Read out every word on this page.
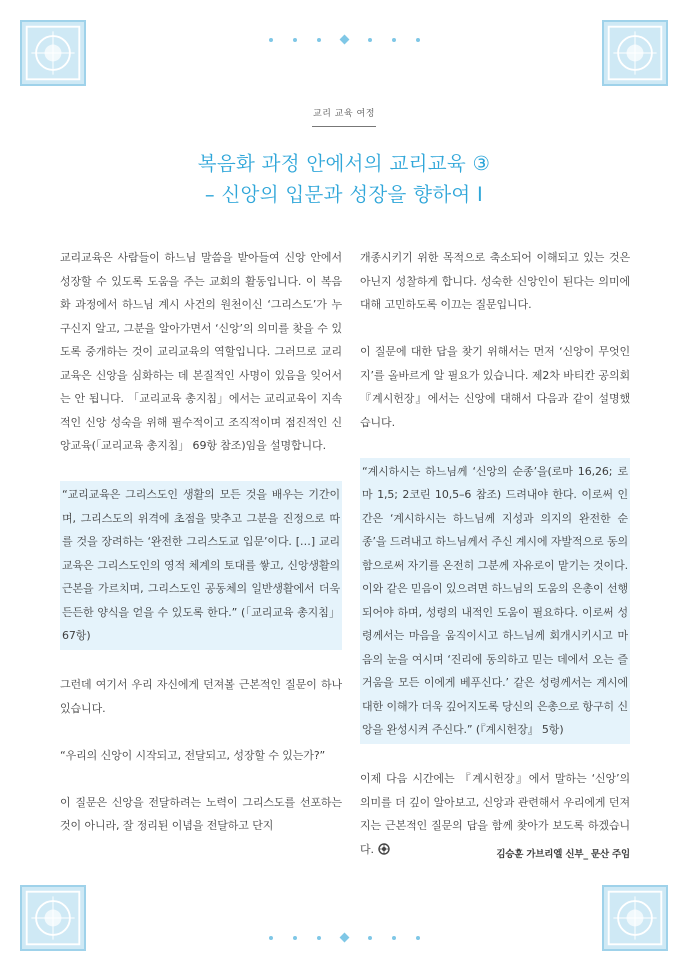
교리 교육 여정
복음화 과정 안에서의 교리교육 ③
– 신앙의 입문과 성장을 향하여 Ⅰ

교리교육은 사람들이 하느님 말씀을 받아들여 신앙 안에서 성장할 수 있도록 도움을 주는 교회의 활동입니다. 이 복음화 과정에서 하느님 계시 사건의 원천이신 ‘그리스도’가 누구신지 알고, 그분을 알아가면서 ‘신앙’의 의미를 찾을 수 있도록 중개하는 것이 교리교육의 역할입니다. 그러므로 교리교육은 신앙을 심화하는 데 본질적인 사명이 있음을 잊어서는 안 됩니다. 「교리교육 총지침」에서는 교리교육이 지속적인 신앙 성숙을 위해 필수적이고 조직적이며 점진적인 신앙교육(「교리교육 총지침」 69항 참조)임을 설명합니다.

“교리교육은 그리스도인 생활의 모든 것을 배우는 기간이며, 그리스도의 위격에 초점을 맞추고 그분을 진정으로 따를 것을 장려하는 ‘완전한 그리스도교 입문’이다. […] 교리교육은 그리스도인의 영적 체계의 토대를 쌓고, 신앙생활의 근본을 가르치며, 그리스도인 공동체의 일반생활에서 더욱 든든한 양식을 얻을 수 있도록 한다.” (「교리교육 총지침」 67항)

그런데 여기서 우리 자신에게 던져볼 근본적인 질문이 하나 있습니다.

“우리의 신앙이 시작되고, 전달되고, 성장할 수 있는가?”

이 질문은 신앙을 전달하려는 노력이 그리스도를 선포하는 것이 아니라, 잘 정리된 이념을 전달하고 단지

개종시키기 위한 목적으로 축소되어 이해되고 있는 것은 아닌지 성찰하게 합니다. 성숙한 신앙인이 된다는 의미에 대해 고민하도록 이끄는 질문입니다.

이 질문에 대한 답을 찾기 위해서는 먼저 ‘신앙이 무엇인지’를 올바르게 알 필요가 있습니다. 제2차 바티칸 공의회 『계시헌장』에서는 신앙에 대해서 다음과 같이 설명했습니다.

“계시하시는 하느님께 ‘신앙의 순종’을(로마 16,26; 로마 1,5; 2코린 10,5–6 참조) 드려내야 한다. 이로써 인간은 ‘계시하시는 하느님께 지성과 의지의 완전한 순종’을 드려내고 하느님께서 주신 계시에 자발적으로 동의함으로써 자기를 온전히 그분께 자유로이 맡기는 것이다. 이와 같은 믿음이 있으려면 하느님의 도움의 은총이 선행되어야 하며, 성령의 내적인 도움이 필요하다. 이로써 성령께서는 마음을 움직이시고 하느님께 회개시키시고 마음의 눈을 여시며 ‘진리에 동의하고 믿는 데에서 오는 즐거움을 모든 이에게 베푸신다.’ 같은 성령께서는 계시에 대한 이해가 더욱 깊어지도록 당신의 은총으로 항구히 신앙을 완성시켜 주신다.” (『계시헌장』 5항)

이제 다음 시간에는 『계시헌장』에서 말하는 ‘신앙’의 의미를 더 깊이 알아보고, 신앙과 관련해서 우리에게 던져지는 근본적인 질문의 답을 함께 찾아가 보도록 하겠습니다.	김승훈 가브리엘 신부_ 문산 주임
